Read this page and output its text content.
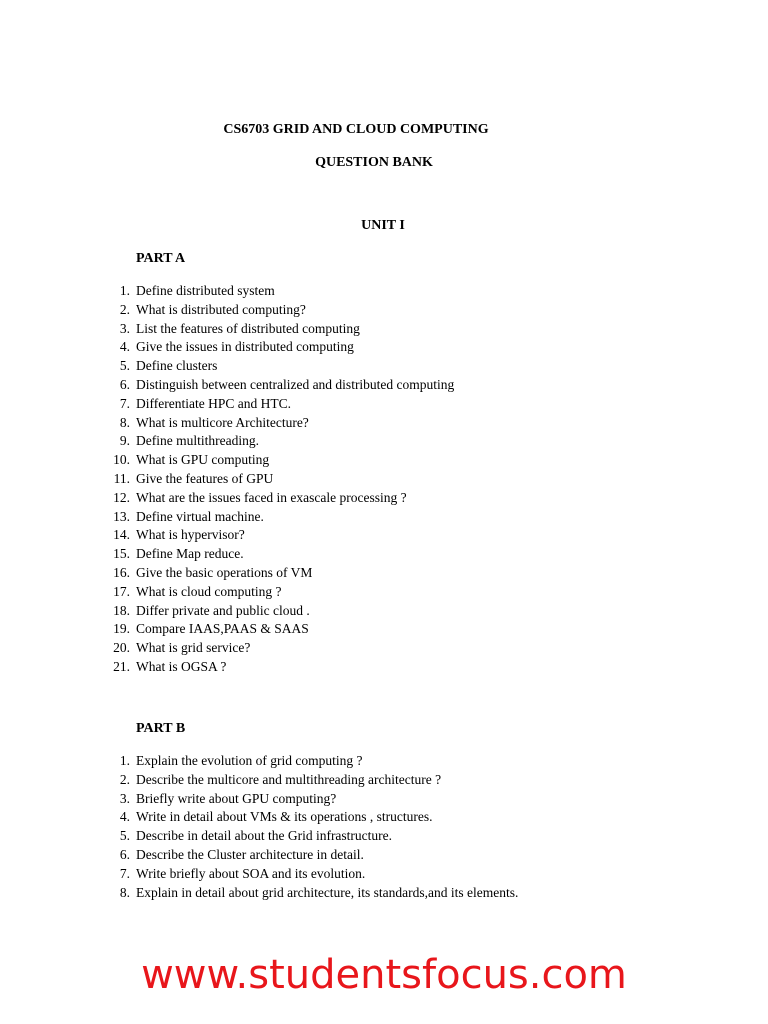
CS6703 GRID AND CLOUD COMPUTING
QUESTION BANK
UNIT I
PART A
1. Define distributed system
2. What is distributed computing?
3. List the features of distributed computing
4. Give the issues in distributed computing
5. Define clusters
6. Distinguish between centralized and distributed computing
7. Differentiate HPC and HTC.
8. What is multicore Architecture?
9. Define multithreading.
10. What is GPU computing
11. Give the features of GPU
12. What are the issues faced in exascale processing ?
13. Define virtual machine.
14. What is hypervisor?
15. Define Map reduce.
16. Give the basic operations of VM
17. What is cloud computing ?
18. Differ private and public cloud .
19. Compare IAAS,PAAS & SAAS
20. What is grid service?
21. What is OGSA ?
PART B
1. Explain the evolution of grid computing ?
2. Describe the multicore and multithreading architecture ?
3. Briefly write about GPU computing?
4. Write in detail about VMs & its operations , structures.
5. Describe in detail about the Grid infrastructure.
6. Describe the Cluster architecture in detail.
7. Write briefly about SOA and its evolution.
8. Explain in detail about grid architecture, its standards,and its elements.
www.studentsfocus.com
